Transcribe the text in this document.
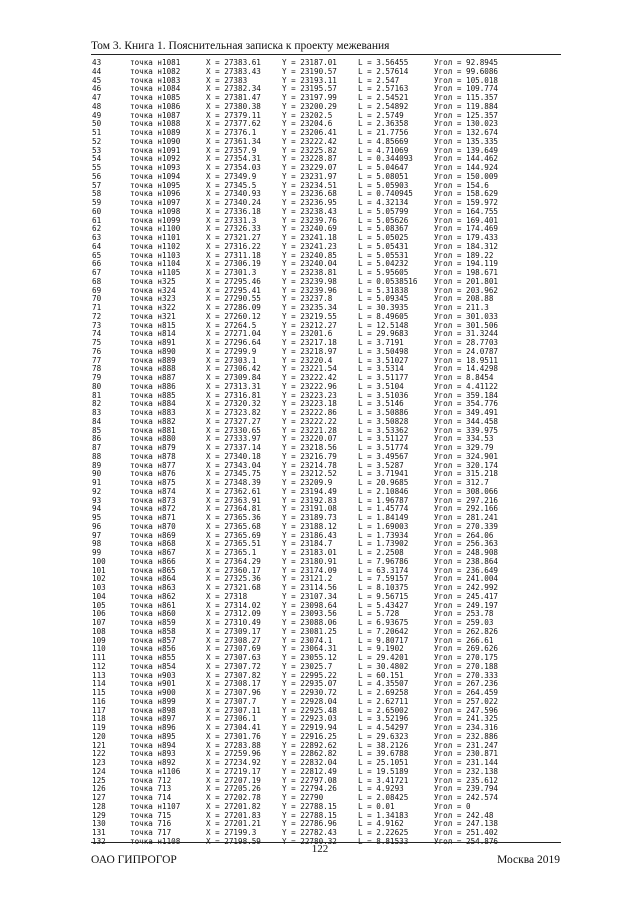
Том 3. Книга 1. Пояснительная записка к проекту межевания
43	точка н1081	X = 27383.61	Y = 23187.01	L = 3.56455	Угол = 92.8945
44	точка н1082	X = 27383.43	Y = 23190.57	L = 2.57614	Угол = 99.6086
45	точка н1083	X = 27383	Y = 23193.11	L = 2.547	Угол = 105.018
46	точка н1084	X = 27382.34	Y = 23195.57	L = 2.57163	Угол = 109.774
47	точка н1085	X = 27381.47	Y = 23197.99	L = 2.54521	Угол = 115.357
48	точка н1086	X = 27380.38	Y = 23200.29	L = 2.54892	Угол = 119.884
49	точка н1087	X = 27379.11	Y = 23202.5	L = 2.5749	Угол = 125.357
50	точка н1088	X = 27377.62	Y = 23204.6	L = 2.36358	Угол = 130.023
51	точка н1089	X = 27376.1	Y = 23206.41	L = 21.7756	Угол = 132.674
52	точка н1090	X = 27361.34	Y = 23222.42	L = 4.85669	Угол = 135.335
53	точка н1091	X = 27357.9	Y = 23225.82	L = 4.71069	Угол = 139.649
54	точка н1092	X = 27354.31	Y = 23228.87	L = 0.344093	Угол = 144.462
55	точка н1093	X = 27354.03	Y = 23229.07	L = 5.04647	Угол = 144.924
56	точка н1094	X = 27349.9	Y = 23231.97	L = 5.08051	Угол = 150.009
57	точка н1095	X = 27345.5	Y = 23234.51	L = 5.05903	Угол = 154.6
58	точка н1096	X = 27340.93	Y = 23236.68	L = 0.740945	Угол = 158.629
59	точка н1097	X = 27340.24	Y = 23236.95	L = 4.32134	Угол = 159.972
60	точка н1098	X = 27336.18	Y = 23238.43	L = 5.05799	Угол = 164.755
61	точка н1099	X = 27331.3	Y = 23239.76	L = 5.05626	Угол = 169.401
62	точка н1100	X = 27326.33	Y = 23240.69	L = 5.08367	Угол = 174.469
63	точка н1101	X = 27321.27	Y = 23241.18	L = 5.05025	Угол = 179.433
64	точка н1102	X = 27316.22	Y = 23241.23	L = 5.05431	Угол = 184.312
65	точка н1103	X = 27311.18	Y = 23240.85	L = 5.05531	Угол = 189.22
66	точка н1104	X = 27306.19	Y = 23240.04	L = 5.04232	Угол = 194.119
67	точка н1105	X = 27301.3	Y = 23238.81	L = 5.95605	Угол = 198.671
68	точка н325	X = 27295.46	Y = 23239.98	L = 0.0538516 Угол = 201.801
69	точка н324	X = 27295.41	Y = 23239.96	L = 5.31838	Угол = 203.962
70	точка н323	X = 27290.55	Y = 23237.8	L = 5.09345	Угол = 208.88
71	точка н322	X = 27286.09	Y = 23235.34	L = 30.3935	Угол = 211.3
72	точка н321	X = 27260.12	Y = 23219.55	L = 8.49605	Угол = 301.033
73	точка н815	X = 27264.5	Y = 23212.27	L = 12.5148	Угол = 301.506
74	точка н814	X = 27271.04	Y = 23201.6	L = 29.9683	Угол = 31.3244
75	точка н891	X = 27296.64	Y = 23217.18	L = 3.7191	Угол = 28.7703
76	точка н890	X = 27299.9	Y = 23218.97	L = 3.50498	Угол = 24.0787
77	точка н889	X = 27303.1	Y = 23220.4	L = 3.51027	Угол = 18.9511
78	точка н888	X = 27306.42	Y = 23221.54	L = 3.5314	Угол = 14.4298
79	точка н887	X = 27309.84	Y = 23222.42	L = 3.51177	Угол = 8.8454
80	точка н886	X = 27313.31	Y = 23222.96	L = 3.5104	Угол = 4.41122
81	точка н885	X = 27316.81	Y = 23223.23	L = 3.51036	Угол = 359.184
82	точка н884	X = 27320.32	Y = 23223.18	L = 3.5146	Угол = 354.776
83	точка н883	X = 27323.82	Y = 23222.86	L = 3.50886	Угол = 349.491
84	точка н882	X = 27327.27	Y = 23222.22	L = 3.50828	Угол = 344.458
85	точка н881	X = 27330.65	Y = 23221.28	L = 3.53362	Угол = 339.975
86	точка н880	X = 27333.97	Y = 23220.07	L = 3.51127	Угол = 334.53
87	точка н879	X = 27337.14	Y = 23218.56	L = 3.51774	Угол = 329.79
88	точка н878	X = 27340.18	Y = 23216.79	L = 3.49567	Угол = 324.901
89	точка н877	X = 27343.04	Y = 23214.78	L = 3.5287	Угол = 320.174
90	точка н876	X = 27345.75	Y = 23212.52	L = 3.71941	Угол = 315.218
91	точка н875	X = 27348.39	Y = 23209.9	L = 20.9685	Угол = 312.7
92	точка н874	X = 27362.61	Y = 23194.49	L = 2.10846	Угол = 308.066
93	точка н873	X = 27363.91	Y = 23192.83	L = 1.96787	Угол = 297.216
94	точка н872	X = 27364.81	Y = 23191.08	L = 1.45774	Угол = 292.166
95	точка н871	X = 27365.36	Y = 23189.73	L = 1.84149	Угол = 281.241
96	точка н870	X = 27365.68	Y = 23188.12	L = 1.69003	Угол = 270.339
97	точка н869	X = 27365.69	Y = 23186.43	L = 1.73934	Угол = 264.06
98	точка н868	X = 27365.51	Y = 23184.7	L = 1.73902	Угол = 256.363
99	точка н867	X = 27365.1	Y = 23183.01	L = 2.2508	Угол = 248.908
100	точка н866	X = 27364.29	Y = 23180.91	L = 7.96786	Угол = 238.864
101	точка н865	X = 27360.17	Y = 23174.09	L = 63.3174	Угол = 236.649
102	точка н864	X = 27325.36	Y = 23121.2	L = 7.59157	Угол = 241.004
103	точка н863	X = 27321.68	Y = 23114.56	L = 8.10375	Угол = 242.992
104	точка н862	X = 27318	Y = 23107.34	L = 9.56715	Угол = 245.417
105	точка н861	X = 27314.02	Y = 23098.64	L = 5.43427	Угол = 249.197
106	точка н860	X = 27312.09	Y = 23093.56	L = 5.728	Угол = 253.78
107	точка н859	X = 27310.49	Y = 23088.06	L = 6.93675	Угол = 259.03
108	точка н858	X = 27309.17	Y = 23081.25	L = 7.20642	Угол = 262.826
109	точка н857	X = 27308.27	Y = 23074.1	L = 9.80717	Угол = 266.61
110	точка н856	X = 27307.69	Y = 23064.31	L = 9.1902	Угол = 269.626
111	точка н855	X = 27307.63	Y = 23055.12	L = 29.4201	Угол = 270.175
112	точка н854	X = 27307.72	Y = 23025.7	L = 30.4802	Угол = 270.188
113	точка н903	X = 27307.82	Y = 22995.22	L = 60.151	Угол = 270.333
114	точка н901	X = 27308.17	Y = 22935.07	L = 4.35507	Угол = 267.236
115	точка н900	X = 27307.96	Y = 22930.72	L = 2.69258	Угол = 264.459
116	точка н899	X = 27307.7	Y = 22928.04	L = 2.62711	Угол = 257.022
117	точка н898	X = 27307.11	Y = 22925.48	L = 2.65002	Угол = 247.596
118	точка н897	X = 27306.1	Y = 22923.03	L = 3.52196	Угол = 241.325
119	точка н896	X = 27304.41	Y = 22919.94	L = 4.54297	Угол = 234.316
120	точка н895	X = 27301.76	Y = 22916.25	L = 29.6323	Угол = 232.886
121	точка н894	X = 27283.88	Y = 22892.62	L = 38.2126	Угол = 231.247
122	точка н893	X = 27259.96	Y = 22862.82	L = 39.6788	Угол = 230.871
123	точка н892	X = 27234.92	Y = 22832.04	L = 25.1051	Угол = 231.144
124	точка н1106	X = 27219.17	Y = 22812.49	L = 19.5189	Угол = 232.138
125	точка 712	X = 27207.19	Y = 22797.08	L = 3.41721	Угол = 235.612
126	точка 713	X = 27205.26	Y = 22794.26	L = 4.9293	Угол = 239.794
127	точка 714	X = 27202.78	Y = 22790	L = 2.08425	Угол = 242.574
128	точка н1107	X = 27201.82	Y = 22788.15	L = 0.01	Угол = 0
129	точка 715	X = 27201.83	Y = 22788.15	L = 1.34183	Угол = 242.48
130	точка 716	X = 27201.21	Y = 22786.96	L = 4.9162	Угол = 247.138
131	точка 717	X = 27199.3	Y = 22782.43	L = 2.22625	Угол = 251.402
132	точка н1108	X = 27198.59	Y = 22780.32	L = 8.81533	Угол = 254.876
122
ОАО ГИПРОГОР	Москва 2019
